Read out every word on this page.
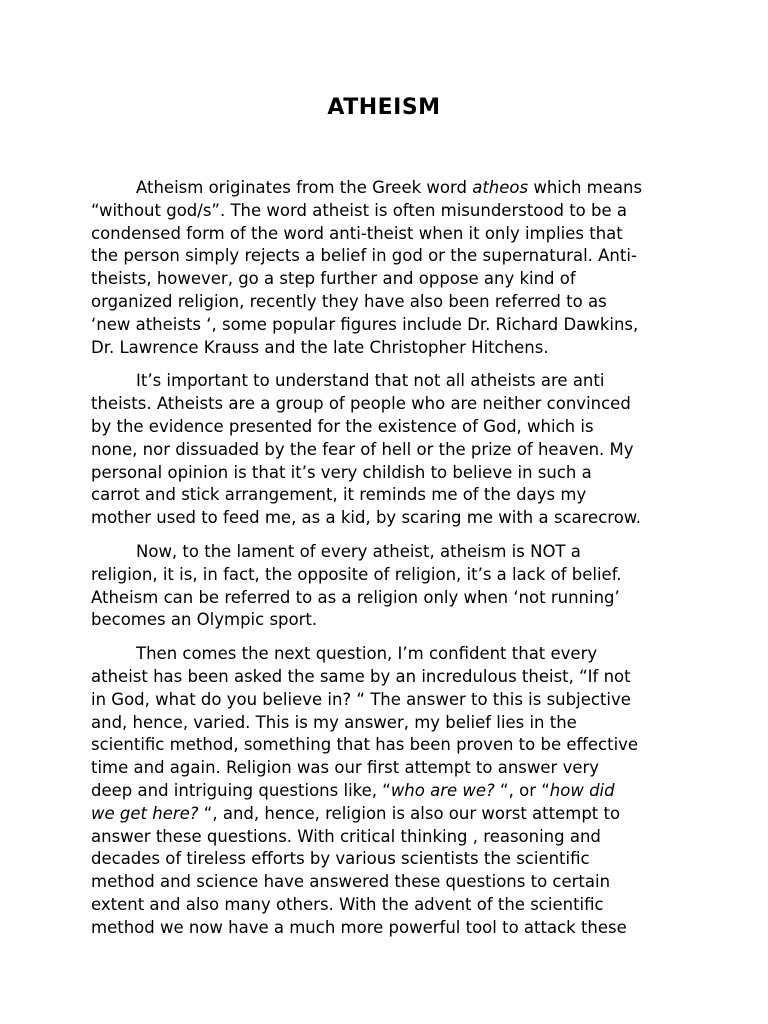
ATHEISM

Atheism originates from the Greek word atheos which means
“without god/s”. The word atheist is often misunderstood to be a
condensed form of the word anti-theist when it only implies that
the person simply rejects a belief in god or the supernatural. Anti-
theists, however, go a step further and oppose any kind of
organized religion, recently they have also been referred to as
‘new atheists ‘, some popular figures include Dr. Richard Dawkins,
Dr. Lawrence Krauss and the late Christopher Hitchens.

It’s important to understand that not all atheists are anti
theists. Atheists are a group of people who are neither convinced
by the evidence presented for the existence of God, which is
none, nor dissuaded by the fear of hell or the prize of heaven. My
personal opinion is that it’s very childish to believe in such a
carrot and stick arrangement, it reminds me of the days my
mother used to feed me, as a kid, by scaring me with a scarecrow.

Now, to the lament of every atheist, atheism is NOT a
religion, it is, in fact, the opposite of religion, it’s a lack of belief.
Atheism can be referred to as a religion only when ‘not running’
becomes an Olympic sport.

Then comes the next question, I’m confident that every
atheist has been asked the same by an incredulous theist, “If not
in God, what do you believe in? “ The answer to this is subjective
and, hence, varied. This is my answer, my belief lies in the
scientific method, something that has been proven to be effective
time and again. Religion was our first attempt to answer very
deep and intriguing questions like, “who are we? “, or “how did
we get here? “, and, hence, religion is also our worst attempt to
answer these questions. With critical thinking , reasoning and
decades of tireless efforts by various scientists the scientific
method and science have answered these questions to certain
extent and also many others. With the advent of the scientific
method we now have a much more powerful tool to attack these
